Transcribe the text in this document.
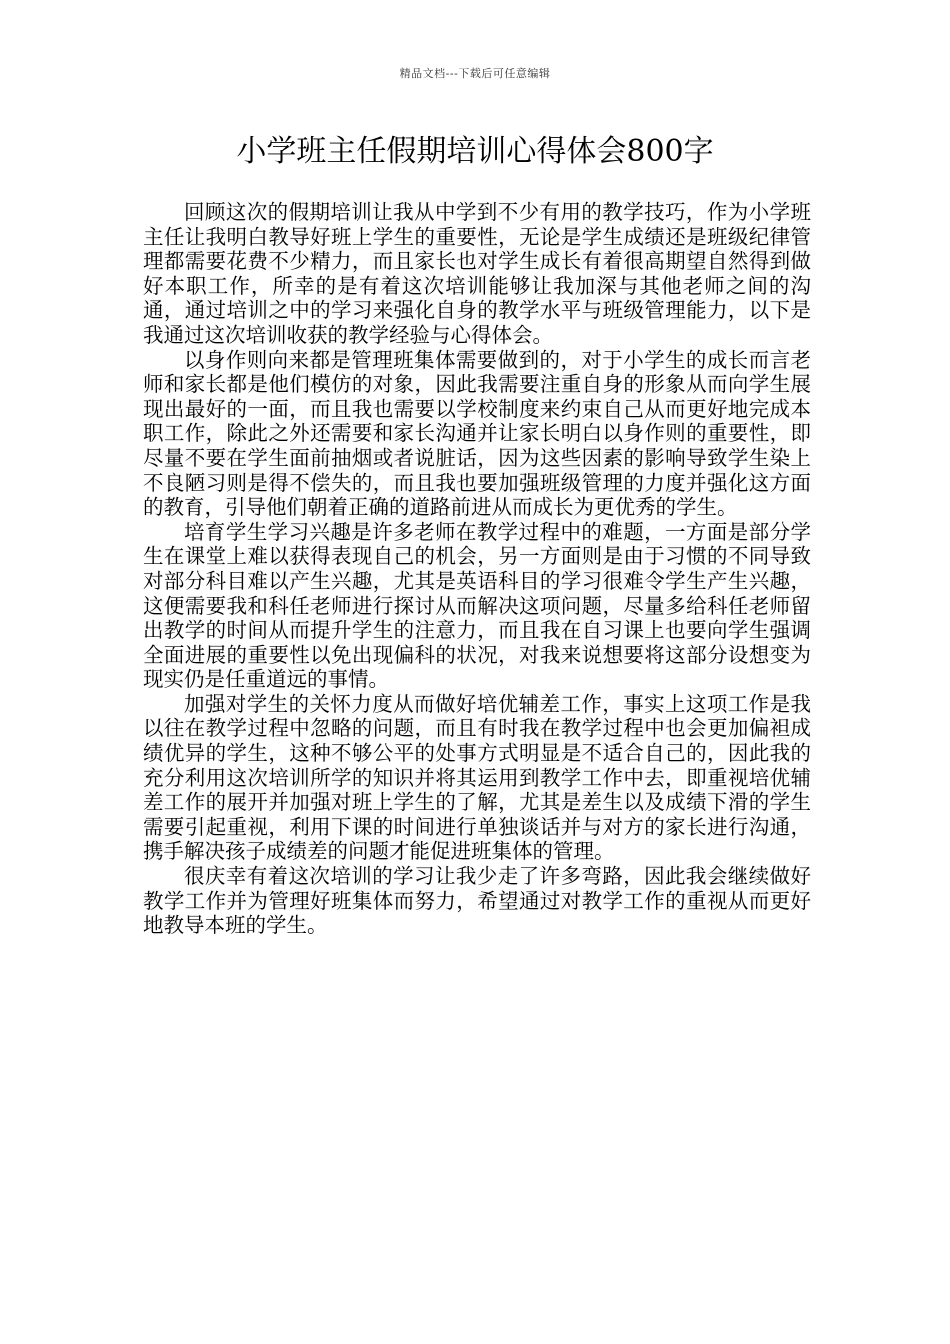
精品文档---下载后可任意编辑
小学班主任假期培训心得体会800字

回顾这次的假期培训让我从中学到不少有用的教学技巧，作为小学班主任让我明白教导好班上学生的重要性，无论是学生成绩还是班级纪律管理都需要花费不少精力，而且家长也对学生成长有着很高期望自然得到做好本职工作，所幸的是有着这次培训能够让我加深与其他老师之间的沟通，通过培训之中的学习来强化自身的教学水平与班级管理能力，以下是我通过这次培训收获的教学经验与心得体会。

以身作则向来都是管理班集体需要做到的，对于小学生的成长而言老师和家长都是他们模仿的对象，因此我需要注重自身的形象从而向学生展现出最好的一面，而且我也需要以学校制度来约束自己从而更好地完成本职工作，除此之外还需要和家长沟通并让家长明白以身作则的重要性，即尽量不要在学生面前抽烟或者说脏话，因为这些因素的影响导致学生染上不良陋习则是得不偿失的，而且我也要加强班级管理的力度并强化这方面的教育，引导他们朝着正确的道路前进从而成长为更优秀的学生。

培育学生学习兴趣是许多老师在教学过程中的难题，一方面是部分学生在课堂上难以获得表现自己的机会，另一方面则是由于习惯的不同导致对部分科目难以产生兴趣，尤其是英语科目的学习很难令学生产生兴趣，这便需要我和科任老师进行探讨从而解决这项问题，尽量多给科任老师留出教学的时间从而提升学生的注意力，而且我在自习课上也要向学生强调全面进展的重要性以免出现偏科的状况，对我来说想要将这部分设想变为现实仍是任重道远的事情。

加强对学生的关怀力度从而做好培优辅差工作，事实上这项工作是我以往在教学过程中忽略的问题，而且有时我在教学过程中也会更加偏袒成绩优异的学生，这种不够公平的处事方式明显是不适合自己的，因此我的充分利用这次培训所学的知识并将其运用到教学工作中去，即重视培优辅差工作的展开并加强对班上学生的了解，尤其是差生以及成绩下滑的学生需要引起重视，利用下课的时间进行单独谈话并与对方的家长进行沟通，携手解决孩子成绩差的问题才能促进班集体的管理。

很庆幸有着这次培训的学习让我少走了许多弯路，因此我会继续做好教学工作并为管理好班集体而努力，希望通过对教学工作的重视从而更好地教导本班的学生。
